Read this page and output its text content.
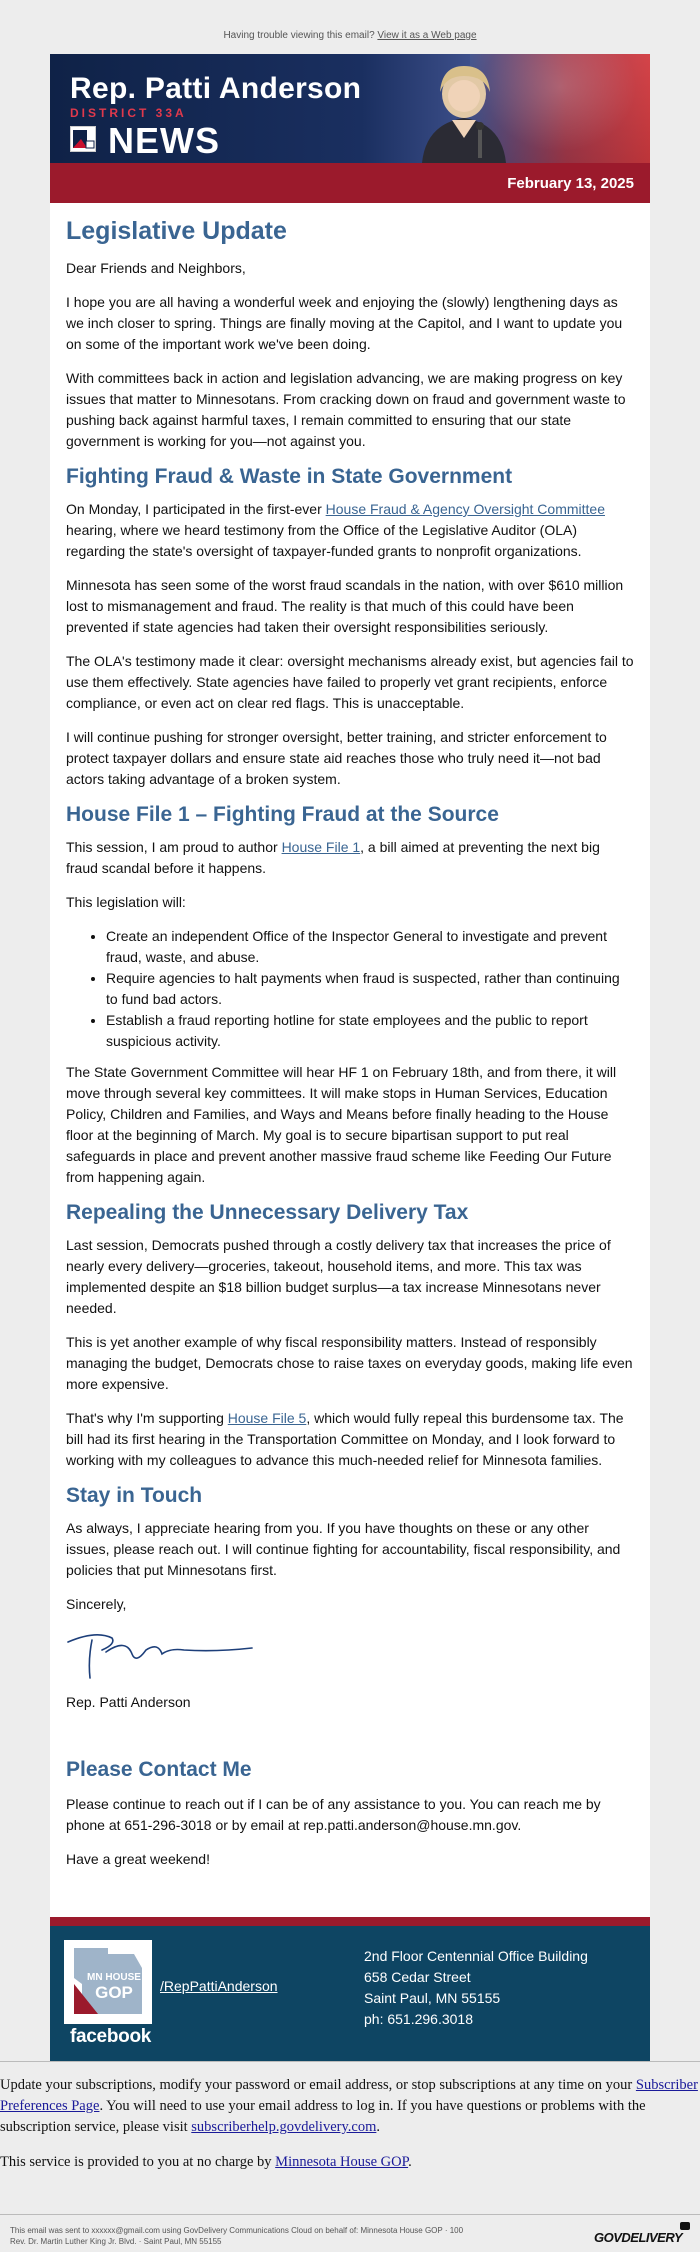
Having trouble viewing this email? View it as a Web page
Rep. Patti Anderson
DISTRICT 33A
NEWS
February 13, 2025
Legislative Update

Dear Friends and Neighbors,

I hope you are all having a wonderful week and enjoying the (slowly) lengthening days as we inch closer to spring. Things are finally moving at the Capitol, and I want to update you on some of the important work we've been doing.

With committees back in action and legislation advancing, we are making progress on key issues that matter to Minnesotans. From cracking down on fraud and government waste to pushing back against harmful taxes, I remain committed to ensuring that our state government is working for you—not against you.

Fighting Fraud & Waste in State Government

On Monday, I participated in the first-ever House Fraud & Agency Oversight Committee hearing, where we heard testimony from the Office of the Legislative Auditor (OLA) regarding the state's oversight of taxpayer-funded grants to nonprofit organizations.

Minnesota has seen some of the worst fraud scandals in the nation, with over $610 million lost to mismanagement and fraud. The reality is that much of this could have been prevented if state agencies had taken their oversight responsibilities seriously.

The OLA's testimony made it clear: oversight mechanisms already exist, but agencies fail to use them effectively. State agencies have failed to properly vet grant recipients, enforce compliance, or even act on clear red flags. This is unacceptable.

I will continue pushing for stronger oversight, better training, and stricter enforcement to protect taxpayer dollars and ensure state aid reaches those who truly need it—not bad actors taking advantage of a broken system.

House File 1 – Fighting Fraud at the Source

This session, I am proud to author House File 1, a bill aimed at preventing the next big fraud scandal before it happens.

This legislation will:

• Create an independent Office of the Inspector General to investigate and prevent fraud, waste, and abuse.
• Require agencies to halt payments when fraud is suspected, rather than continuing to fund bad actors.
• Establish a fraud reporting hotline for state employees and the public to report suspicious activity.

The State Government Committee will hear HF 1 on February 18th, and from there, it will move through several key committees. It will make stops in Human Services, Education Policy, Children and Families, and Ways and Means before finally heading to the House floor at the beginning of March. My goal is to secure bipartisan support to put real safeguards in place and prevent another massive fraud scheme like Feeding Our Future from happening again.

Repealing the Unnecessary Delivery Tax

Last session, Democrats pushed through a costly delivery tax that increases the price of nearly every delivery—groceries, takeout, household items, and more. This tax was implemented despite an $18 billion budget surplus—a tax increase Minnesotans never needed.

This is yet another example of why fiscal responsibility matters. Instead of responsibly managing the budget, Democrats chose to raise taxes on everyday goods, making life even more expensive.

That's why I'm supporting House File 5, which would fully repeal this burdensome tax. The bill had its first hearing in the Transportation Committee on Monday, and I look forward to working with my colleagues to advance this much-needed relief for Minnesota families.

Stay in Touch

As always, I appreciate hearing from you. If you have thoughts on these or any other issues, please reach out. I will continue fighting for accountability, fiscal responsibility, and policies that put Minnesotans first.

Sincerely,

Rep. Patti Anderson

Please Contact Me

Please continue to reach out if I can be of any assistance to you. You can reach me by phone at 651-296-3018 or by email at rep.patti.anderson@house.mn.gov.

Have a great weekend!

MN HOUSE
GOP
facebook
/RepPattiAnderson
2nd Floor Centennial Office Building
658 Cedar Street
Saint Paul, MN 55155
ph: 651.296.3018

Update your subscriptions, modify your password or email address, or stop subscriptions at any time on your Subscriber Preferences Page. You will need to use your email address to log in. If you have questions or problems with the subscription service, please visit subscriberhelp.govdelivery.com.

This service is provided to you at no charge by Minnesota House GOP.

This email was sent to xxxxxx@gmail.com using GovDelivery Communications Cloud on behalf of: Minnesota House GOP · 100
Rev. Dr. Martin Luther King Jr. Blvd. · Saint Paul, MN 55155	GOVDELIVERY
